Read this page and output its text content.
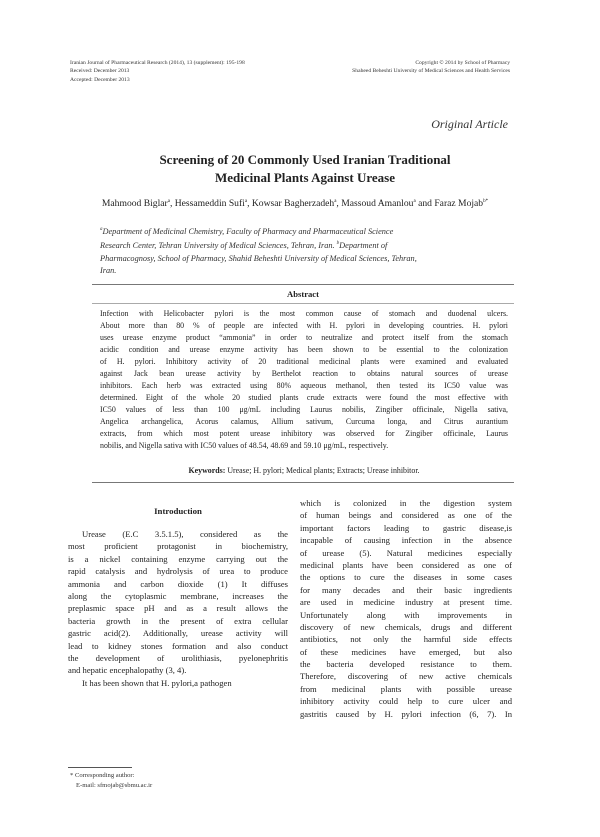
Iranian Journal of Pharmaceutical Research (2014), 13 (supplement): 195-198
Received: December 2013
Accepted: December 2013
Copyright © 2014 by School of Pharmacy
Shaheed Beheshti University of Medical Sciences and Health Services
Original Article
Screening of 20 Commonly Used Iranian Traditional
Medicinal Plants Against Urease
Mahmood Biglar$^a$, Hessameddin Sufi$^a$, Kowsar Bagherzadeh$^a$, Massoud Amanlou$^a$ and Faraz Mojab$^{b*}$
$^a$Department of Medicinal Chemistry, Faculty of Pharmacy and Pharmaceutical Science
Research Center, Tehran University of Medical Sciences, Tehran, Iran. $^b$Department of
Pharmacognosy, School of Pharmacy, Shahid Beheshti University of Medical Sciences, Tehran,
Iran.
Abstract
Infection with Helicobacter pylori is the most common cause of stomach and duodenal ulcers.
About more than 80 % of people are infected with H. pylori in developing countries. H. pylori
uses urease enzyme product “ammonia” in order to neutralize and protect itself from the stomach
acidic condition and urease enzyme activity has been shown to be essential to the colonization
of H. pylori. Inhibitory activity of 20 traditional medicinal plants were examined and evaluated
against Jack bean urease activity by Berthelot reaction to obtains natural sources of urease
inhibitors. Each herb was extracted using 80% aqueous methanol, then tested its IC50 value was
determined. Eight of the whole 20 studied plants crude extracts were found the most effective with
IC50 values of less than 100 μg/mL including Laurus nobilis, Zingiber officinale, Nigella sativa,
Angelica archangelica, Acorus calamus, Allium sativum, Curcuma longa, and Citrus aurantium
extracts, from which most potent urease inhibitory was observed for Zingiber officinale, Laurus
nobilis, and Nigella sativa with IC50 values of 48.54, 48.69 and 59.10 μg/mL, respectively.
Keywords: Urease; H. pylori; Medical plants; Extracts; Urease inhibitor.
Introduction
Urease (E.C 3.5.1.5), considered as the
most proficient protagonist in biochemistry,
is a nickel containing enzyme carrying out the
rapid catalysis and hydrolysis of urea to produce
ammonia and carbon dioxide (1) It diffuses
along the cytoplasmic membrane, increases the
preplasmic space pH and as a result allows the
bacteria growth in the present of extra cellular
gastric acid(2). Additionally, urease activity will
lead to kidney stones formation and also conduct
the development of urolithiasis, pyelonephritis
and hepatic encephalopathy (3, 4).
It has been shown that H. pylori,a pathogen
which is colonized in the digestion system
of human beings and considered as one of the
important factors leading to gastric disease,is
incapable of causing infection in the absence
of urease (5). Natural medicines especially
medicinal plants have been considered as one of
the options to cure the diseases in some cases
for many decades and their basic ingredients
are used in medicine industry at present time.
Unfortunately along with improvements in
discovery of new chemicals, drugs and different
antibiotics, not only the harmful side effects
of these medicines have emerged, but also
the bacteria developed resistance to them.
Therefore, discovering of new active chemicals
from medicinal plants with possible urease
inhibitory activity could help to cure ulcer and
gastritis caused by H. pylori infection (6, 7). In
* Corresponding author:
E-mail: sfmojab@sbmu.ac.ir
